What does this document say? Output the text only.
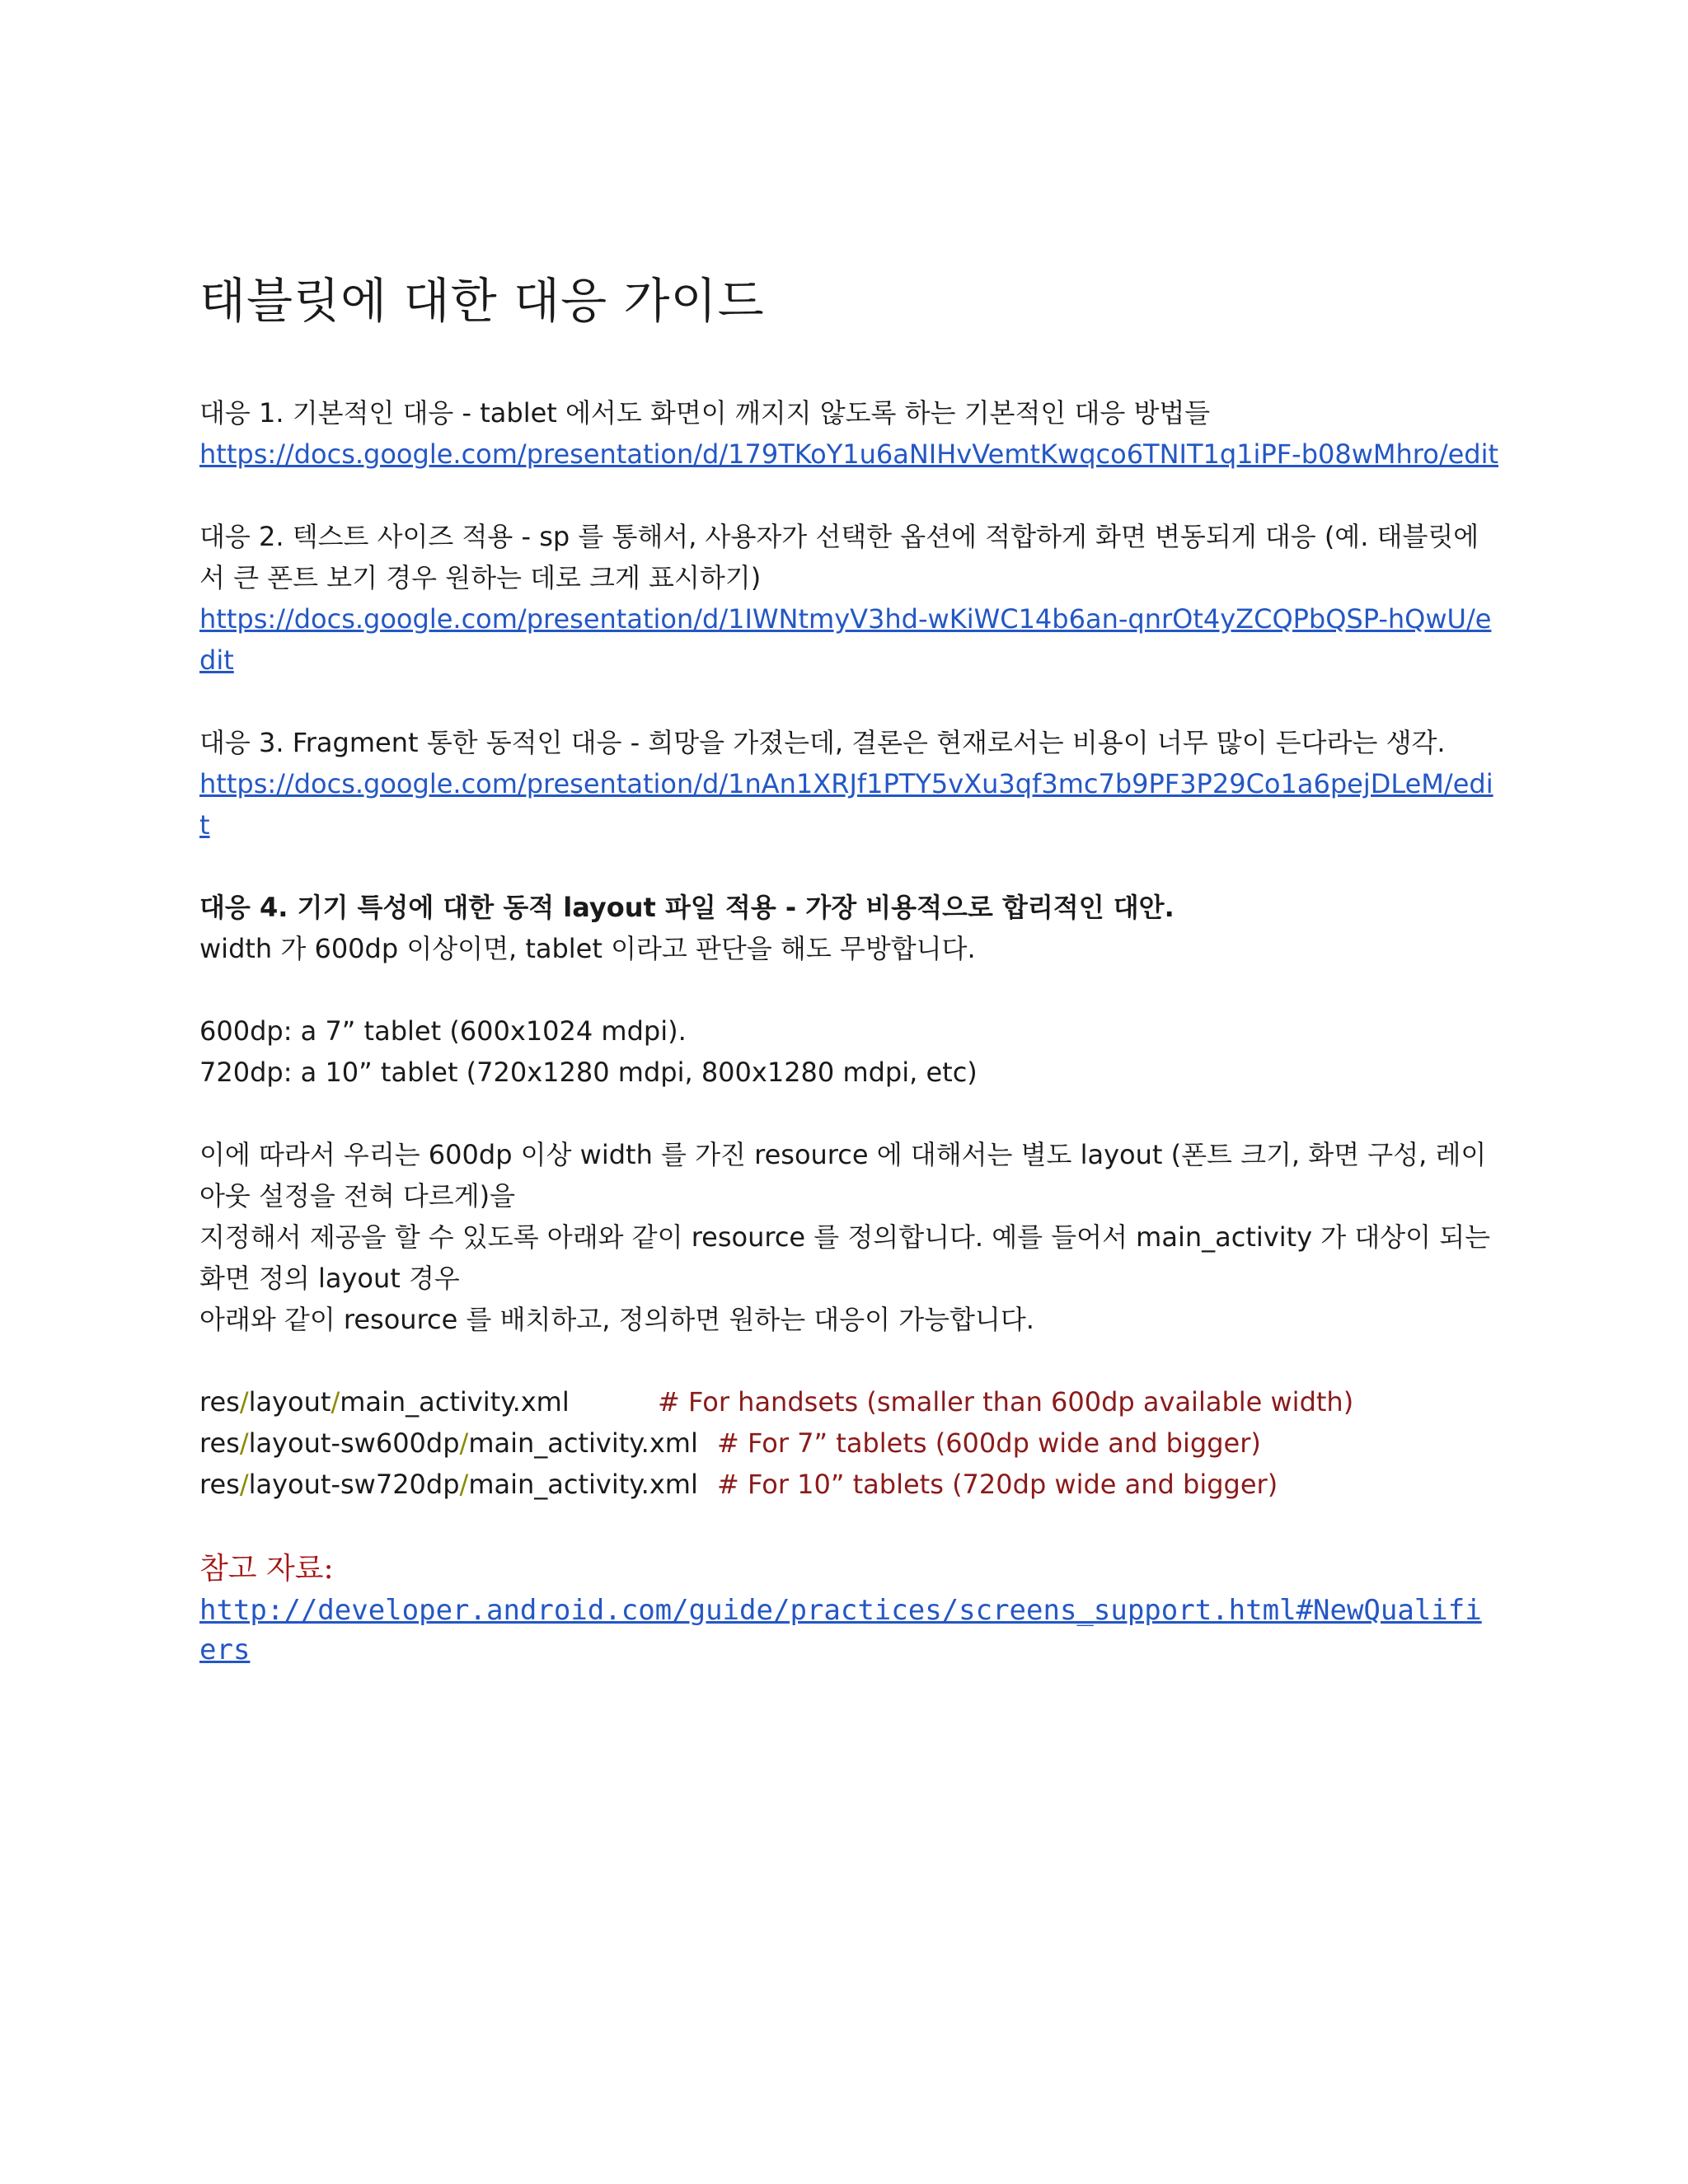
태블릿에 대한 대응 가이드

대응 1. 기본적인 대응 - tablet 에서도 화면이 깨지지 않도록 하는 기본적인 대응 방법들

https://docs.google.com/presentation/d/179TKoY1u6aNIHvVemtKwqco6TNIT1q1iPF-b08wMhro/edit

대응 2. 텍스트 사이즈 적용 - sp 를 통해서, 사용자가 선택한 옵션에 적합하게 화면 변동되게 대응 (예. 태블릿에서 큰 폰트 보기 경우 원하는 데로 크게 표시하기)

https://docs.google.com/presentation/d/1IWNtmyV3hd-wKiWC14b6an-qnrOt4yZCQPbQSP-hQwU/edit

대응 3. Fragment 통한 동적인 대응 - 희망을 가졌는데, 결론은 현재로서는 비용이 너무 많이 든다라는 생각.

https://docs.google.com/presentation/d/1nAn1XRJf1PTY5vXu3qf3mc7b9PF3P29Co1a6pejDLeM/edit

대응 4. 기기 특성에 대한 동적 layout 파일 적용 - 가장 비용적으로 합리적인 대안.

width 가 600dp 이상이면, tablet 이라고 판단을 해도 무방합니다.

600dp: a 7” tablet (600x1024 mdpi).

720dp: a 10” tablet (720x1280 mdpi, 800x1280 mdpi, etc)

이에 따라서 우리는 600dp 이상 width 를 가진 resource 에 대해서는 별도 layout (폰트 크기, 화면 구성, 레이아웃 설정을 전혀 다르게)을

지정해서 제공을 할 수 있도록 아래와 같이 resource 를 정의합니다. 예를 들어서 main_activity 가 대상이 되는 화면 정의 layout 경우

아래와 같이 resource 를 배치하고, 정의하면 원하는 대응이 가능합니다.

res/layout/main_activity.xml	# For handsets (smaller than 600dp available width)
res/layout-sw600dp/main_activity.xml # For 7” tablets (600dp wide and bigger)
res/layout-sw720dp/main_activity.xml # For 10” tablets (720dp wide and bigger)

참고 자료:

http://developer.android.com/guide/practices/screens_support.html#NewQualifiers
